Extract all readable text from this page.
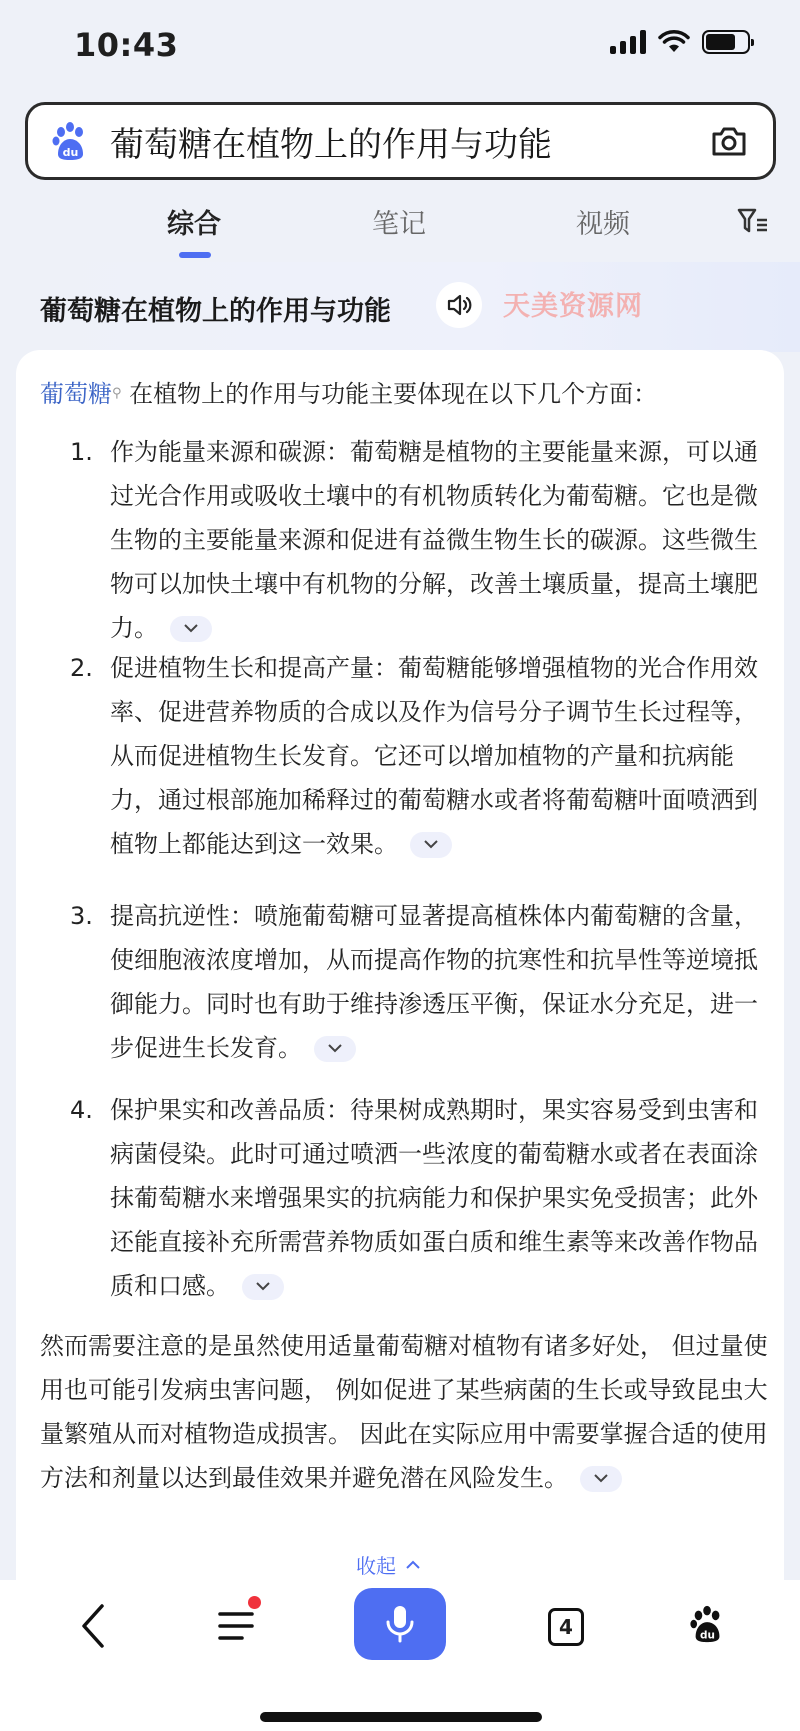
10:43
du 葡萄糖在植物上的作用与功能
综合	笔记	视频
葡萄糖在植物上的作用与功能	天美资源网
葡萄糖⚲ 在植物上的作用与功能主要体现在以下几个方面：
1. 作为能量来源和碳源：葡萄糖是植物的主要能量来源，可以通过光合作用或吸收土壤中的有机物质转化为葡萄糖。它也是微生物的主要能量来源和促进有益微生物生长的碳源。这些微生物可以加快土壤中有机物的分解，改善土壤质量，提高土壤肥力。
2. 促进植物生长和提高产量：葡萄糖能够增强植物的光合作用效率、促进营养物质的合成以及作为信号分子调节生长过程等，从而促进植物生长发育。它还可以增加植物的产量和抗病能力，通过根部施加稀释过的葡萄糖水或者将葡萄糖叶面喷洒到植物上都能达到这一效果。
3. 提高抗逆性：喷施葡萄糖可显著提高植株体内葡萄糖的含量，使细胞液浓度增加，从而提高作物的抗寒性和抗旱性等逆境抵御能力。同时也有助于维持渗透压平衡，保证水分充足，进一步促进生长发育。
4. 保护果实和改善品质：待果树成熟期时，果实容易受到虫害和病菌侵染。此时可通过喷洒一些浓度的葡萄糖水或者在表面涂抹葡萄糖水来增强果实的抗病能力和保护果实免受损害；此外还能直接补充所需营养物质如蛋白质和维生素等来改善作物品质和口感。
然而需要注意的是虽然使用适量葡萄糖对植物有诸多好处， 但过量使用也可能引发病虫害问题， 例如促进了某些病菌的生长或导致昆虫大量繁殖从而对植物造成损害。 因此在实际应用中需要掌握合适的使用方法和剂量以达到最佳效果并避免潜在风险发生。
收起
4	du
